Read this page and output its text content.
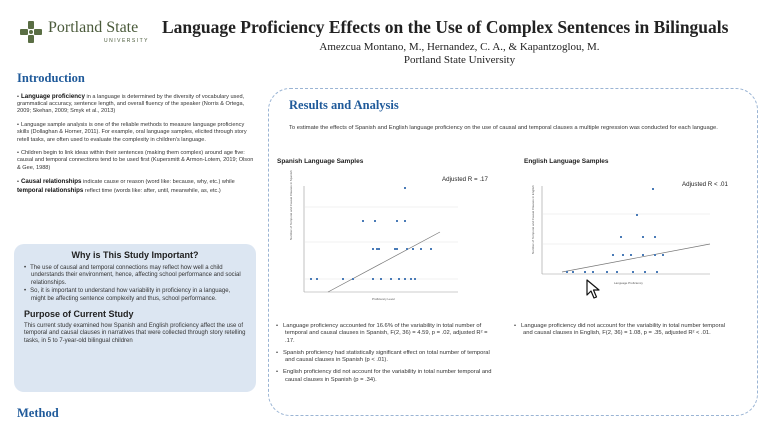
Portland State
UNIVERSITY
Language Proficiency Effects on the Use of Complex Sentences in Bilinguals
Amezcua Montano, M., Hernandez, C. A., & Kapantzoglou, M.
Portland State University
Introduction
• Language proficiency in a language is determined by the diversity of vocabulary used, grammatical accuracy, sentence length, and overall fluency of the speaker (Norris & Ortega, 2009; Skehan, 2009; Smyk et al., 2013)
• Language sample analysis is one of the reliable methods to measure language proficiency skills (Dollaghan & Horner, 2011). For example, oral language samples, elicited through story retell tasks, are often used to evaluate the complexity in children's language.
• Children begin to link ideas within their sentences (making them complex) around age five: causal and temporal connections tend to be used first (Kupersmitt & Armon-Lotem, 2019; Olson & Gee, 1988)
• Causal relationships indicate cause or reason (word like: because, why, etc.) while temporal relationships reflect time (words like: after, until, meanwhile, as, etc.)
Why is This Study Important?
• The use of causal and temporal connections may reflect how well a child understands their environment, hence, affecting school performance and social relationships.
• So, it is important to understand how variability in proficiency in a language, might be affecting sentence complexity and thus, school performance.
Purpose of Current Study

This current study examined how Spanish and English proficiency affect the use of temporal and causal clauses in narratives that were collected through story retelling tasks, in 5 to 7-year-old bilingual children

Method
Results and Analysis
To estimate the effects of Spanish and English language proficiency on the use of causal and temporal clauses a multiple regression was conducted for each language.
Spanish Language Samples
Adjusted R = .17
Number of Temporal and Causal Clauses in Spanish
Proficiency Level
English Language Samples
Adjusted R < .01
Number of Temporal and Causal Clauses in English
Language Proficiency
• Language proficiency accounted for 16.6% of the variability in total number of temporal and causal clauses in Spanish, F(2, 36) = 4.59, p = .02, adjusted R² = .17.
• Spanish proficiency had statistically significant effect on total number of temporal and causal clauses in Spanish (p < .01).
• English proficiency did not account for the variability in total number temporal and causal clauses in Spanish (p = .34).
• Language proficiency did not account for the variability in total number temporal and causal clauses in English, F(2, 36) = 1.08, p = .35, adjusted R² < .01.
